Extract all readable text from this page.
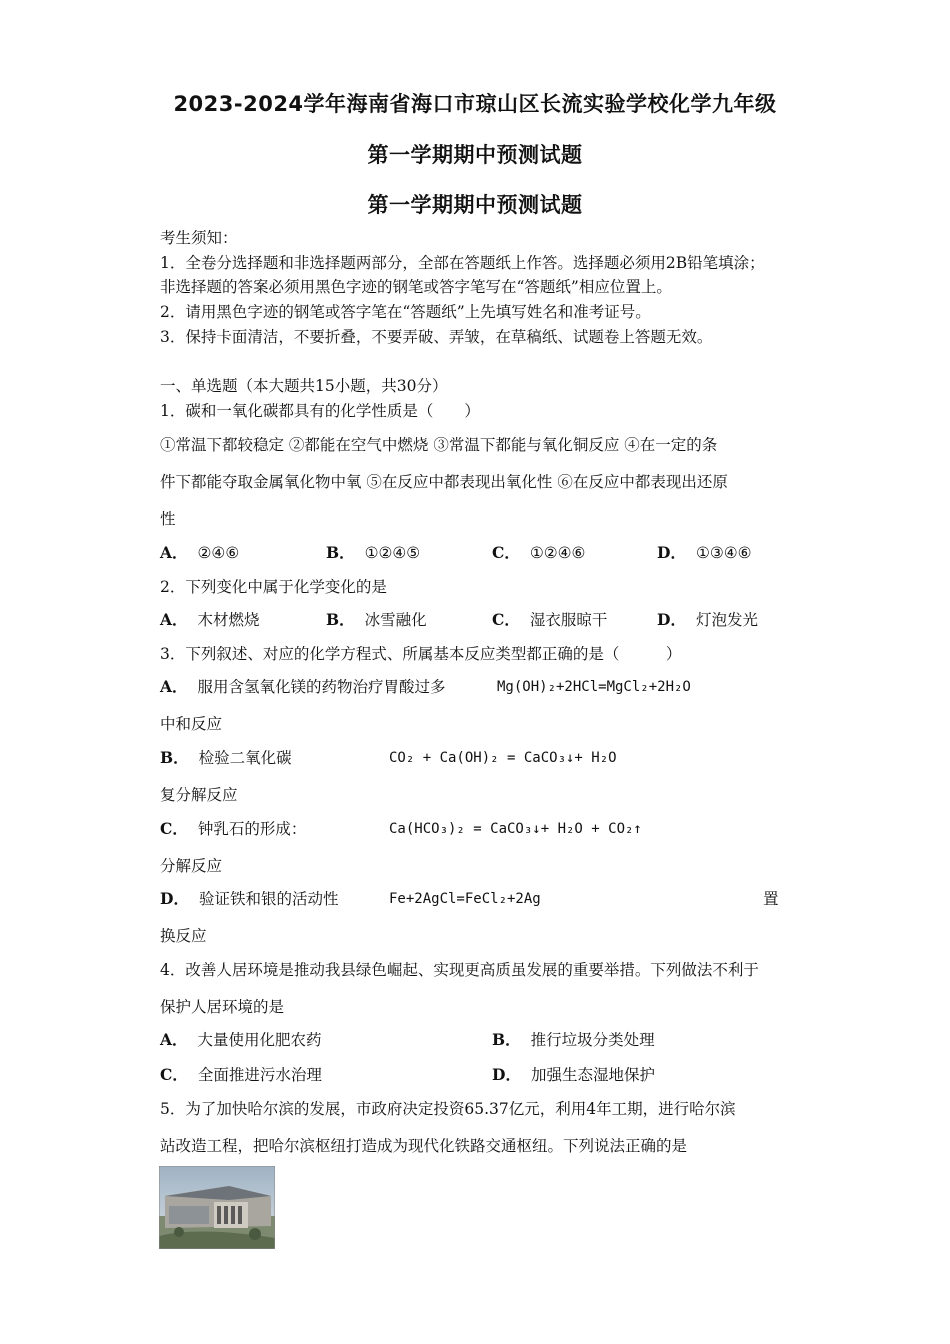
2023-2024学年海南省海口市琼山区长流实验学校化学九年级
第一学期期中预测试题
第一学期期中预测试题
考生须知：
1．全卷分选择题和非选择题两部分，全部在答题纸上作答。选择题必须用2B铅笔填涂；
非选择题的答案必须用黑色字迹的钢笔或答字笔写在“答题纸”相应位置上。
2．请用黑色字迹的钢笔或答字笔在“答题纸”上先填写姓名和准考证号。
3．保持卡面清洁，不要折叠，不要弄破、弄皱，在草稿纸、试题卷上答题无效。
一、单选题（本大题共15小题，共30分）
1．碳和一氧化碳都具有的化学性质是（　　）
①常温下都较稳定 ②都能在空气中燃烧 ③常温下都能与氧化铜反应 ④在一定的条
件下都能夺取金属氧化物中氧 ⑤在反应中都表现出氧化性 ⑥在反应中都表现出还原
性
A． ②④⑥	B． ①②④⑤	C． ①②④⑥	D． ①③④⑥
2．下列变化中属于化学变化的是
A． 木材燃烧	B． 冰雪融化	C． 湿衣服晾干	D． 灯泡发光
3．下列叙述、对应的化学方程式、所属基本反应类型都正确的是（　　　）
A． 服用含氢氧化镁的药物治疗胃酸过多	Mg(OH)₂+2HCl=MgCl₂+2H₂O
中和反应
B． 检验二氧化碳	CO₂ + Ca(OH)₂ = CaCO₃↓+ H₂O
复分解反应
C． 钟乳石的形成：	Ca(HCO₃)₂ = CaCO₃↓+ H₂O + CO₂↑
分解反应
D． 验证铁和银的活动性	Fe+2AgCl=FeCl₂+2Ag	置
换反应
4．改善人居环境是推动我县绿色崛起、实现更高质虽发展的重要举措。下列做法不利于
保护人居环境的是
A． 大量使用化肥农药	B． 推行垃圾分类处理
C． 全面推进污水治理	D． 加强生态湿地保护
5．为了加快哈尔滨的发展，市政府决定投资65.37亿元，利用4年工期，进行哈尔滨
站改造工程，把哈尔滨枢纽打造成为现代化铁路交通枢纽。下列说法正确的是
